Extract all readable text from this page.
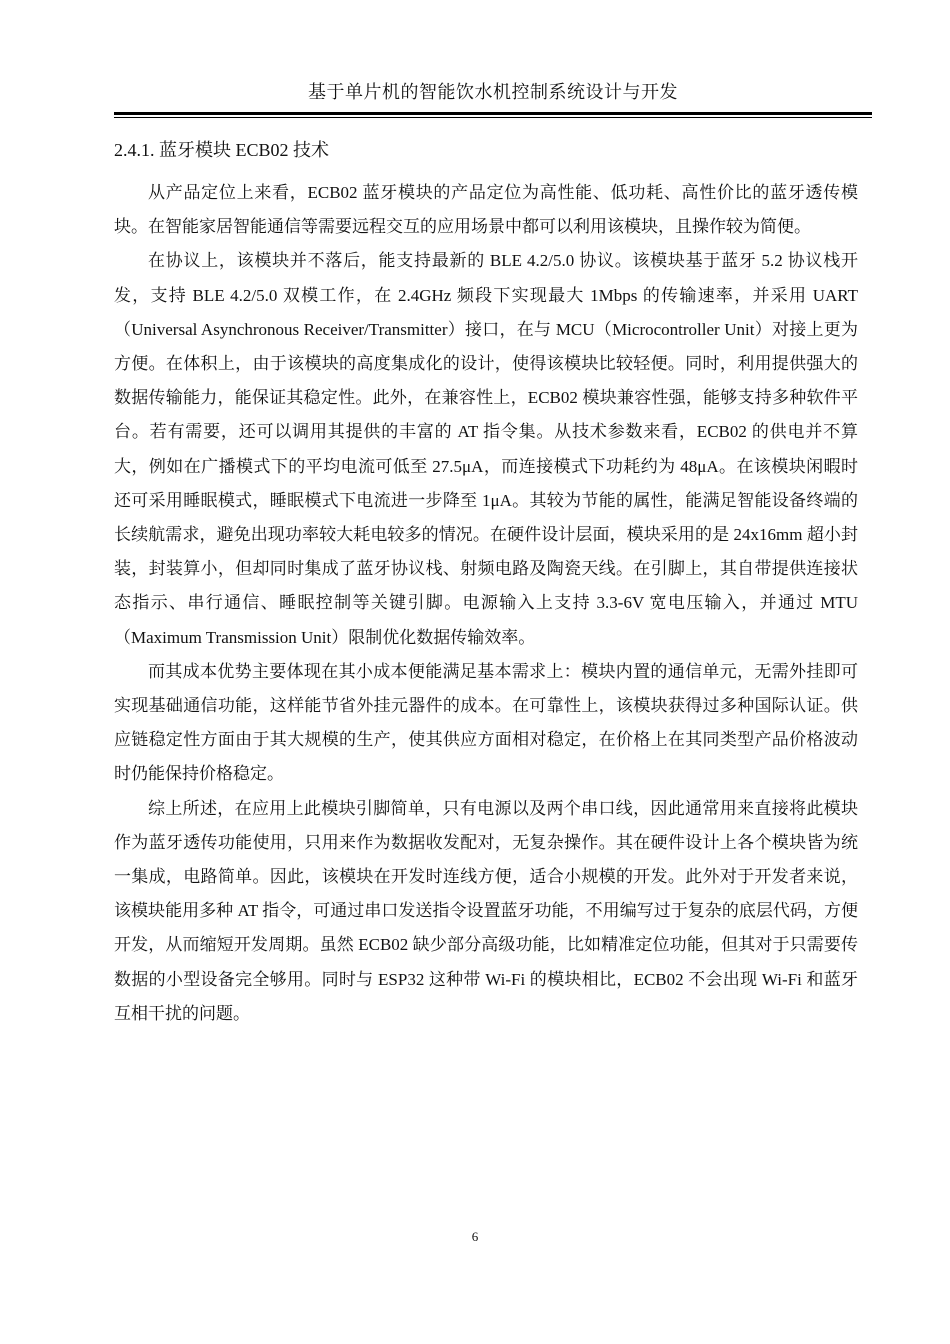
基于单片机的智能饮水机控制系统设计与开发
2.4.1. 蓝牙模块 ECB02 技术

从产品定位上来看，ECB02 蓝牙模块的产品定位为高性能、低功耗、高性价比的蓝牙透传模块。在智能家居智能通信等需要远程交互的应用场景中都可以利用该模块，且操作较为简便。

在协议上，该模块并不落后，能支持最新的 BLE 4.2/5.0 协议。该模块基于蓝牙 5.2 协议栈开发，支持 BLE 4.2/5.0 双模工作，在 2.4GHz 频段下实现最大 1Mbps 的传输速率，并采用 UART（Universal Asynchronous Receiver/Transmitter）接口，在与 MCU（Microcontroller Unit）对接上更为方便。在体积上，由于该模块的高度集成化的设计，使得该模块比较轻便。同时，利用提供强大的数据传输能力，能保证其稳定性。此外，在兼容性上，ECB02 模块兼容性强，能够支持多种软件平台。若有需要，还可以调用其提供的丰富的 AT 指令集。从技术参数来看，ECB02 的供电并不算大，例如在广播模式下的平均电流可低至 27.5μA，而连接模式下功耗约为 48μA。在该模块闲暇时还可采用睡眠模式，睡眠模式下电流进一步降至 1μA。其较为节能的属性，能满足智能设备终端的长续航需求，避免出现功率较大耗电较多的情况。在硬件设计层面，模块采用的是 24x16mm 超小封装，封装算小，但却同时集成了蓝牙协议栈、射频电路及陶瓷天线。在引脚上，其自带提供连接状态指示、串行通信、睡眠控制等关键引脚。电源输入上支持 3.3-6V 宽电压输入，并通过 MTU（Maximum Transmission Unit）限制优化数据传输效率。

而其成本优势主要体现在其小成本便能满足基本需求上：模块内置的通信单元，无需外挂即可实现基础通信功能，这样能节省外挂元器件的成本。在可靠性上，该模块获得过多种国际认证。供应链稳定性方面由于其大规模的生产，使其供应方面相对稳定，在价格上在其同类型产品价格波动时仍能保持价格稳定。

综上所述，在应用上此模块引脚简单，只有电源以及两个串口线，因此通常用来直接将此模块作为蓝牙透传功能使用，只用来作为数据收发配对，无复杂操作。其在硬件设计上各个模块皆为统一集成，电路简单。因此，该模块在开发时连线方便，适合小规模的开发。此外对于开发者来说，该模块能用多种 AT 指令，可通过串口发送指令设置蓝牙功能，不用编写过于复杂的底层代码，方便开发，从而缩短开发周期。虽然 ECB02 缺少部分高级功能，比如精准定位功能，但其对于只需要传数据的小型设备完全够用。同时与 ESP32 这种带 Wi-Fi 的模块相比，ECB02 不会出现 Wi-Fi 和蓝牙互相干扰的问题。

6
